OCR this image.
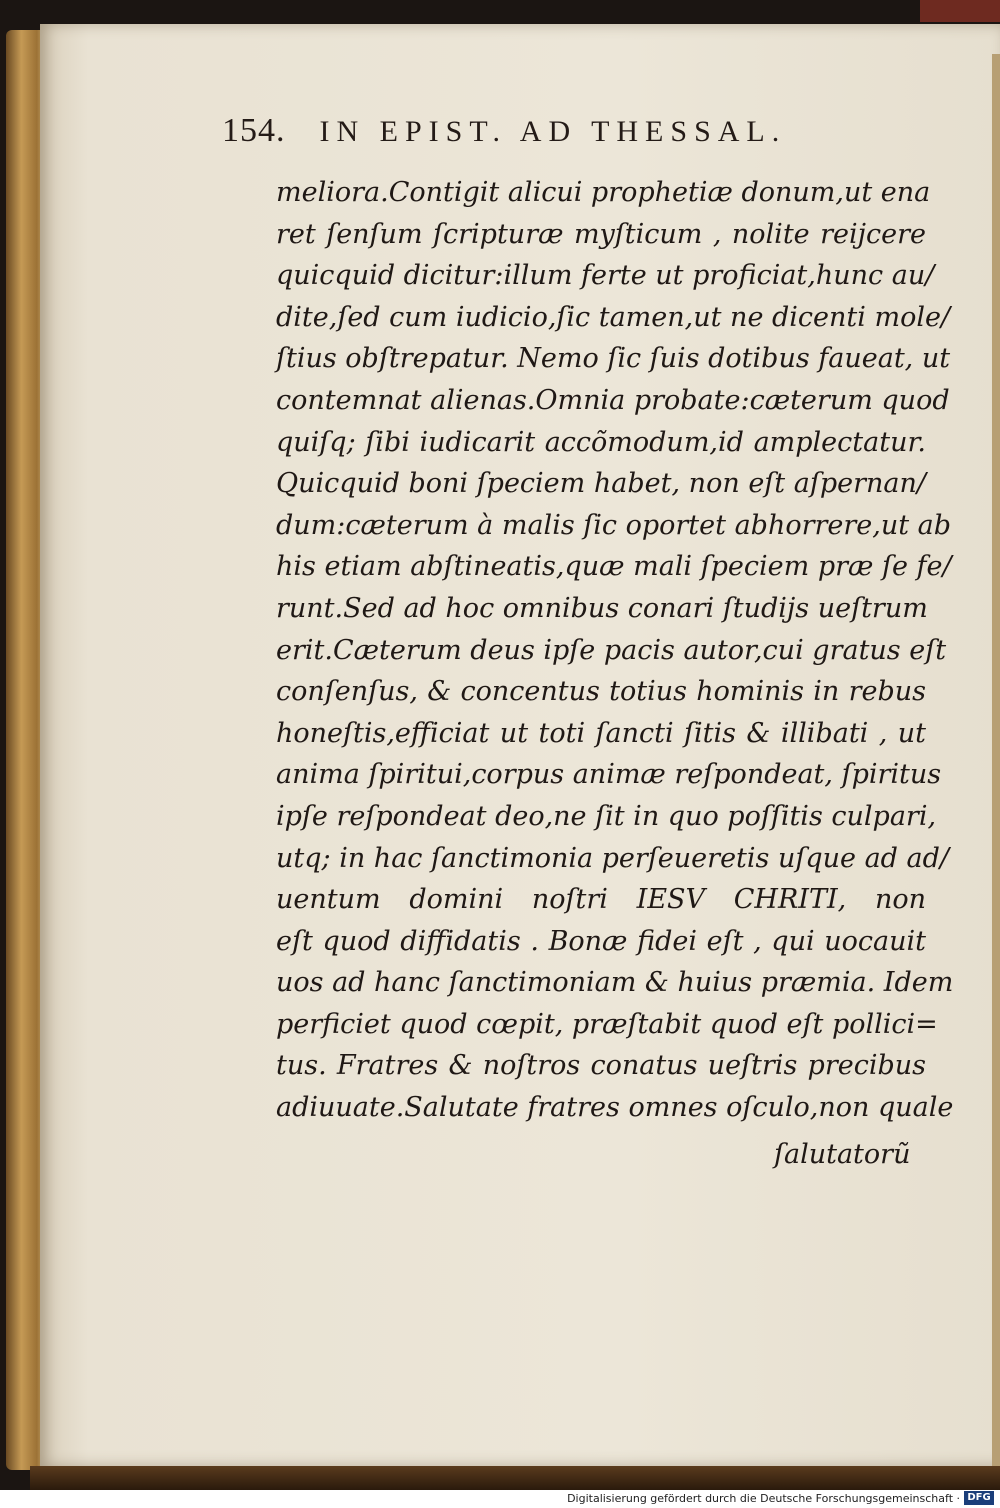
154. IN EPIST. AD THESSAL.
meliora.Contigit alicui prophetiæ donum,ut ena
ret ſenſum ſcripturæ myſticum , nolite reijcere
quicquid dicitur:illum ferte ut proficiat,hunc au/
dite,ſed cum iudicio,ſic tamen,ut ne dicenti mole/
ſtius obſtrepatur. Nemo ſic ſuis dotibus faueat, ut
contemnat alienas.Omnia probate:cæterum quod
quiſq; ſibi iudicarit accõmodum,id amplectatur.
Quicquid boni ſpeciem habet, non eſt aſpernan/
dum:cæterum à malis ſic oportet abhorrere,ut ab
his etiam abſtineatis,quæ mali ſpeciem præ ſe fe/
runt.Sed ad hoc omnibus conari ſtudijs ueſtrum
erit.Cæterum deus ipſe pacis autor,cui gratus eſt
conſenſus, & concentus totius hominis in rebus
honeſtis,efficiat ut toti ſancti ſitis & illibati , ut
anima ſpiritui,corpus animæ reſpondeat, ſpiritus
ipſe reſpondeat deo,ne ſit in quo poſſitis culpari,
utq; in hac ſanctimonia perſeueretis uſque ad ad/
uentum domini noſtri IESV CHRITI, non
eſt quod diffidatis . Bonæ fidei eſt , qui uocauit
uos ad hanc ſanctimoniam & huius præmia. Idem
perficiet quod cœpit, præſtabit quod eſt pollici=
tus. Fratres & noſtros conatus ueſtris precibus
adiuuate.Salutate fratres omnes oſculo,non quale
ſalutatorũ
Digitalisierung gefördert durch die Deutsche Forschungsgemeinschaft · DFG
